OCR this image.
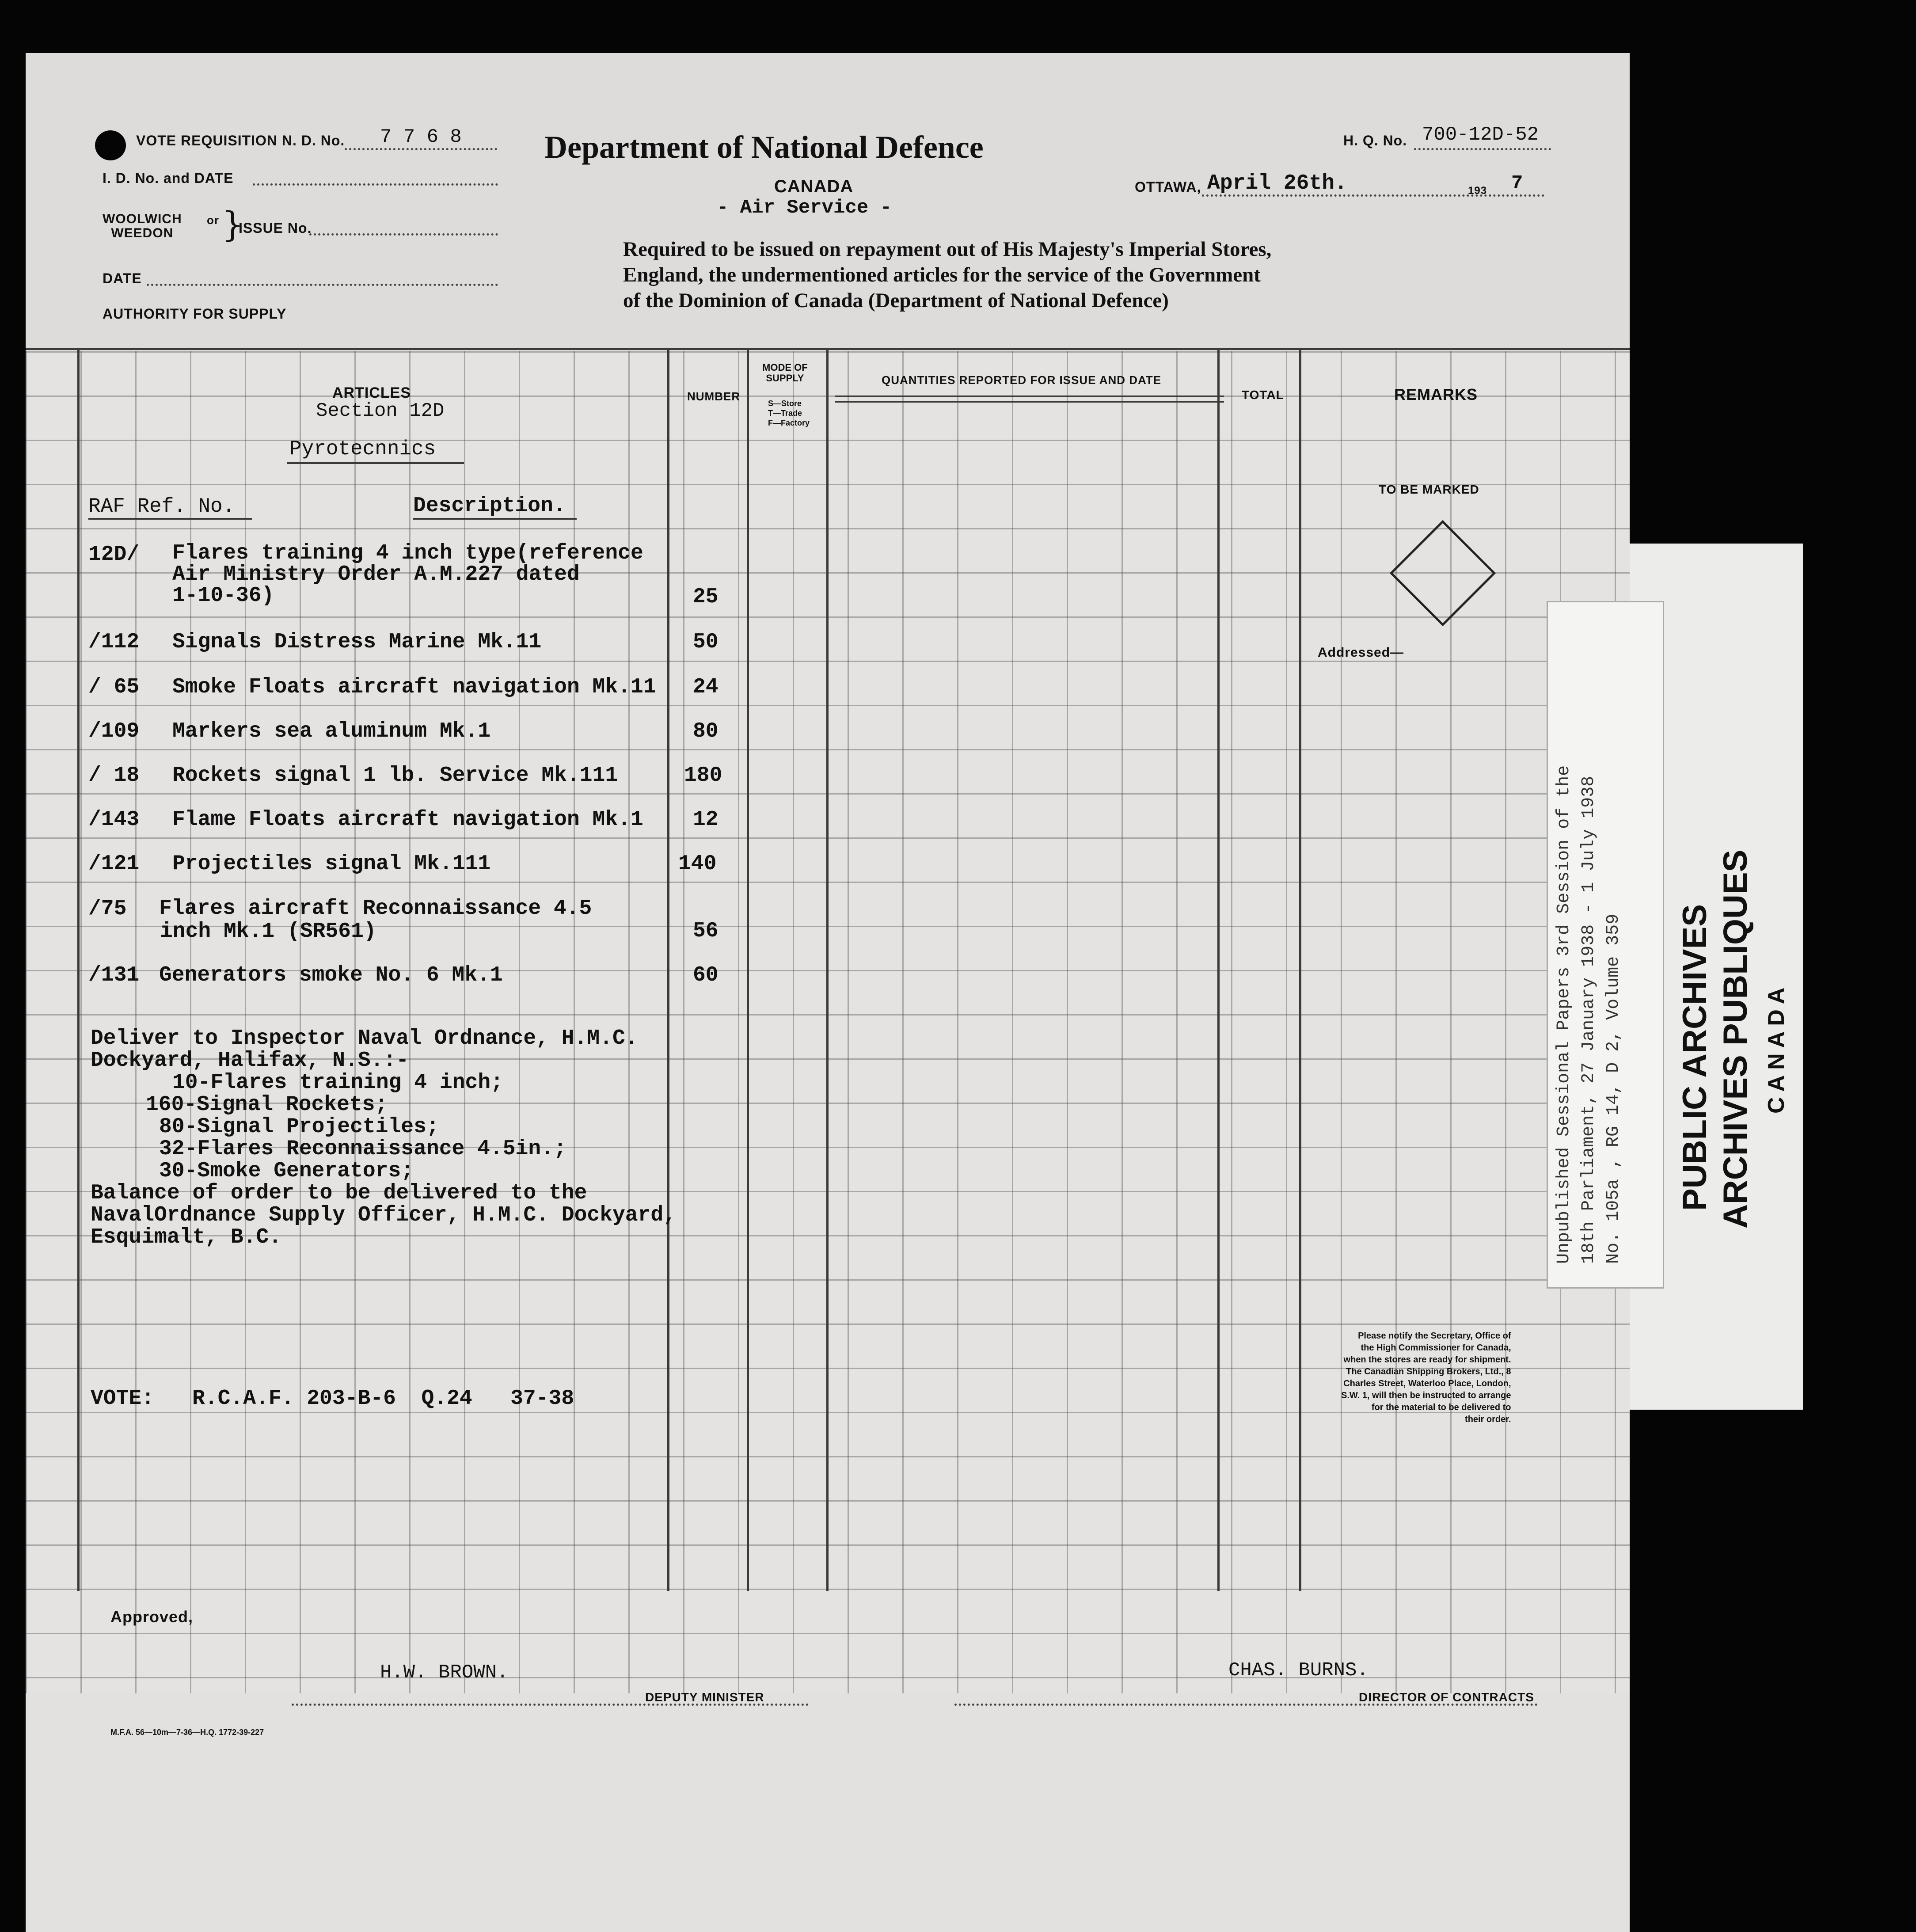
VOTE REQUISITION N. D. No. 7 7 6 8
I. D. No. and DATE
WOOLWICH
WEEDON
or }
ISSUE No.
DATE
AUTHORITY FOR SUPPLY
Department of National Defence
CANADA
- Air Service -
H. Q. No. 700-12D-52
OTTAWA, April 26th.	193 7
Required to be issued on repayment out of His Majesty's Imperial Stores,
England, the undermentioned articles for the service of the Government
of the Dominion of Canada (Department of National Defence)
ARTICLES
Section 12D
Pyrotecnnics
NUMBER
MODE OF
SUPPLY
S—Store
T—Trade
F—Factory
QUANTITIES REPORTED FOR ISSUE AND DATE
TOTAL	REMARKS
RAF Ref. No.	Description.
12D/ Flares training 4 inch type(reference
Air Ministry Order A.M.227 dated
1-10-36)	25
/112 Signals Distress Marine Mk.11	50
/ 65 Smoke Floats aircraft navigation Mk.11 24
/109 Markers sea aluminum Mk.1	80
/ 18 Rockets signal 1 lb. Service Mk.111	180
/143 Flame Floats aircraft navigation Mk.1 12
/121 Projectiles signal Mk.111	140
/75 Flares aircraft Reconnaissance 4.5
inch Mk.1 (SR561)	56
/131 Generators smoke No. 6 Mk.1	60
Deliver to Inspector Naval Ordnance, H.M.C.
Dockyard, Halifax, N.S.:-
10-Flares training 4 inch;
160-Signal Rockets;
80-Signal Projectiles;
32-Flares Reconnaissance 4.5in.;
30-Smoke Generators;
Balance of order to be delivered to the
NavalOrdnance Supply Officer, H.M.C. Dockyard,
Esquimalt, B.C.
VOTE: R.C.A.F. 203-B-6  Q.24   37-38
TO BE MARKED
Addressed—
Please notify the Secretary, Office of
the High Commissioner for Canada,
when the stores are ready for shipment.
The Canadian Shipping Brokers, Ltd., 8
Charles Street, Waterloo Place, London,
S.W. 1, will then be instructed to arrange
for the material to be delivered to
their order.
Approved,
H.W. BROWN.
DEPUTY MINISTER
CHAS. BURNS.
DIRECTOR OF CONTRACTS
M.F.A. 56—10m—7-36—H.Q. 1772-39-227
Unpublished Sessional Papers 3rd Session of the 18th Parliament, 27 January 1938 - 1 July 1938 No. 105a , RG 14, D 2, Volume 359 PUBLIC ARCHIVES ARCHIVES PUBLIQUES CANADA
